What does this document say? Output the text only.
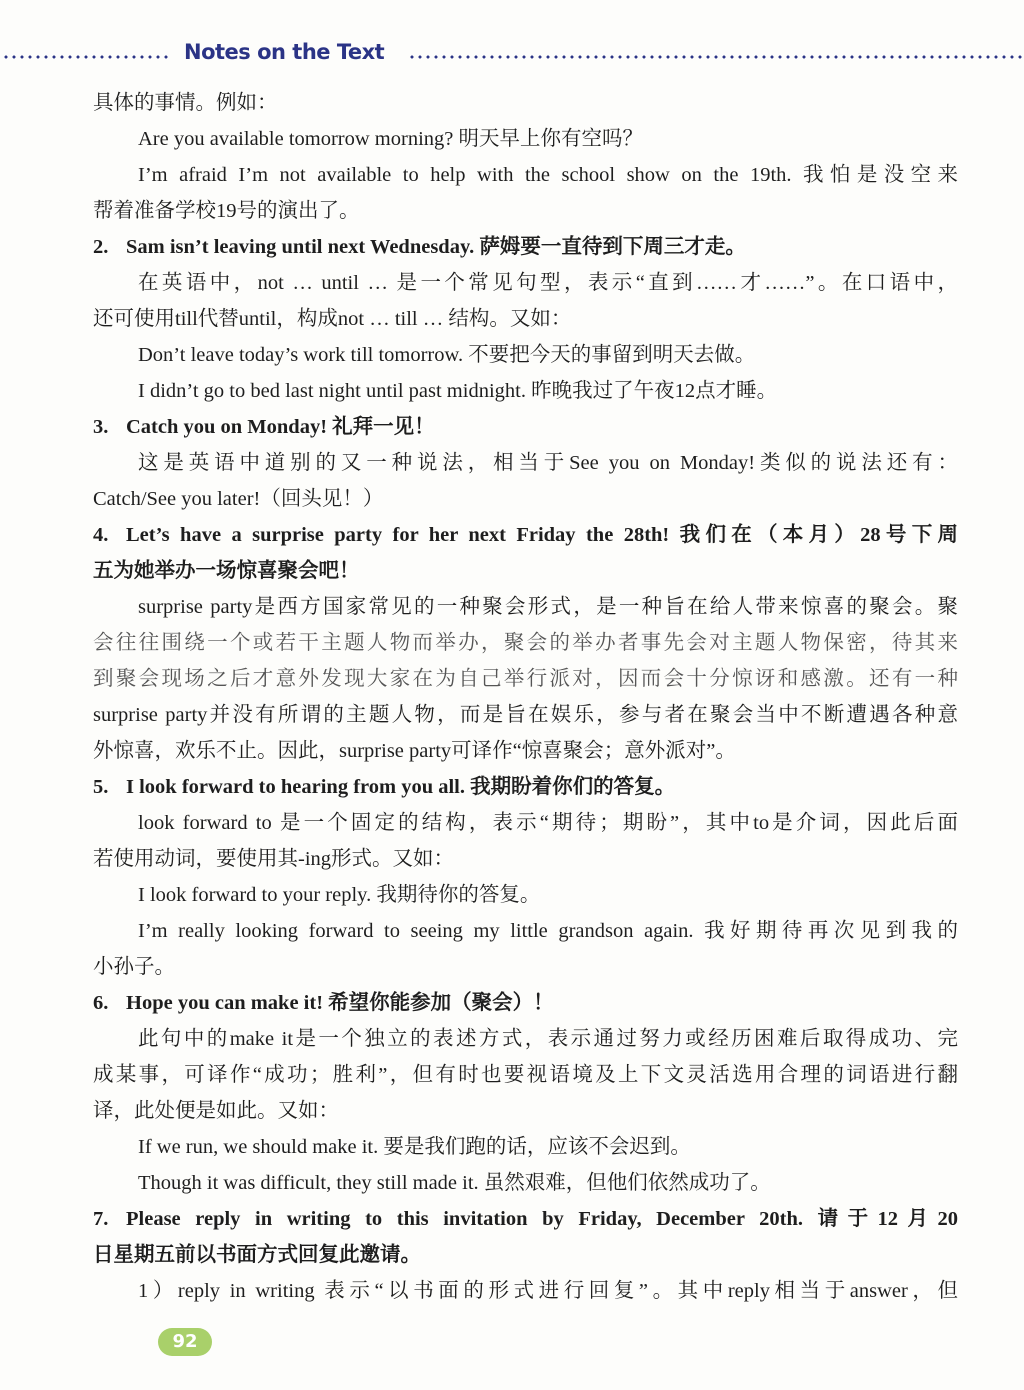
Notes on the Text
具体的事情。例如：
Are you available tomorrow morning? 明天早上你有空吗？
I’m afraid I’m not available to help with the school show on the 19th. 我怕是没空来
帮着准备学校19号的演出了。
2. Sam isn’t leaving until next Wednesday. 萨姆要一直待到下周三才走。
在英语中，not … until … 是一个常见句型，表示“直到……才……”。在口语中，
还可使用till代替until，构成not … till … 结构。又如：
Don’t leave today’s work till tomorrow. 不要把今天的事留到明天去做。
I didn’t go to bed last night until past midnight. 昨晚我过了午夜12点才睡。
3. Catch you on Monday! 礼拜一见！
这是英语中道别的又一种说法，相当于See you on Monday!类似的说法还有：
Catch/See you later!（回头见！）
4. Let’s have a surprise party for her next Friday the 28th! 我们在（本月）28号下周
五为她举办一场惊喜聚会吧！
surprise party是西方国家常见的一种聚会形式，是一种旨在给人带来惊喜的聚会。聚
会往往围绕一个或若干主题人物而举办，聚会的举办者事先会对主题人物保密，待其来
到聚会现场之后才意外发现大家在为自己举行派对，因而会十分惊讶和感激。还有一种
surprise party并没有所谓的主题人物，而是旨在娱乐，参与者在聚会当中不断遭遇各种意
外惊喜，欢乐不止。因此，surprise party可译作“惊喜聚会；意外派对”。
5. I look forward to hearing from you all. 我期盼着你们的答复。
look forward to 是一个固定的结构，表示“期待；期盼”，其中to是介词，因此后面
若使用动词，要使用其-ing形式。又如：
I look forward to your reply. 我期待你的答复。
I’m really looking forward to seeing my little grandson again. 我好期待再次见到我的
小孙子。
6. Hope you can make it! 希望你能参加（聚会）！
此句中的make it是一个独立的表述方式，表示通过努力或经历困难后取得成功、完
成某事，可译作“成功；胜利”，但有时也要视语境及上下文灵活选用合理的词语进行翻
译，此处便是如此。又如：
If we run, we should make it. 要是我们跑的话，应该不会迟到。
Though it was difficult, they still made it. 虽然艰难，但他们依然成功了。
7. Please reply in writing to this invitation by Friday, December 20th. 请于12月20
日星期五前以书面方式回复此邀请。
1）reply in writing 表示“以书面的形式进行回复”。其中reply相当于answer，但
92
